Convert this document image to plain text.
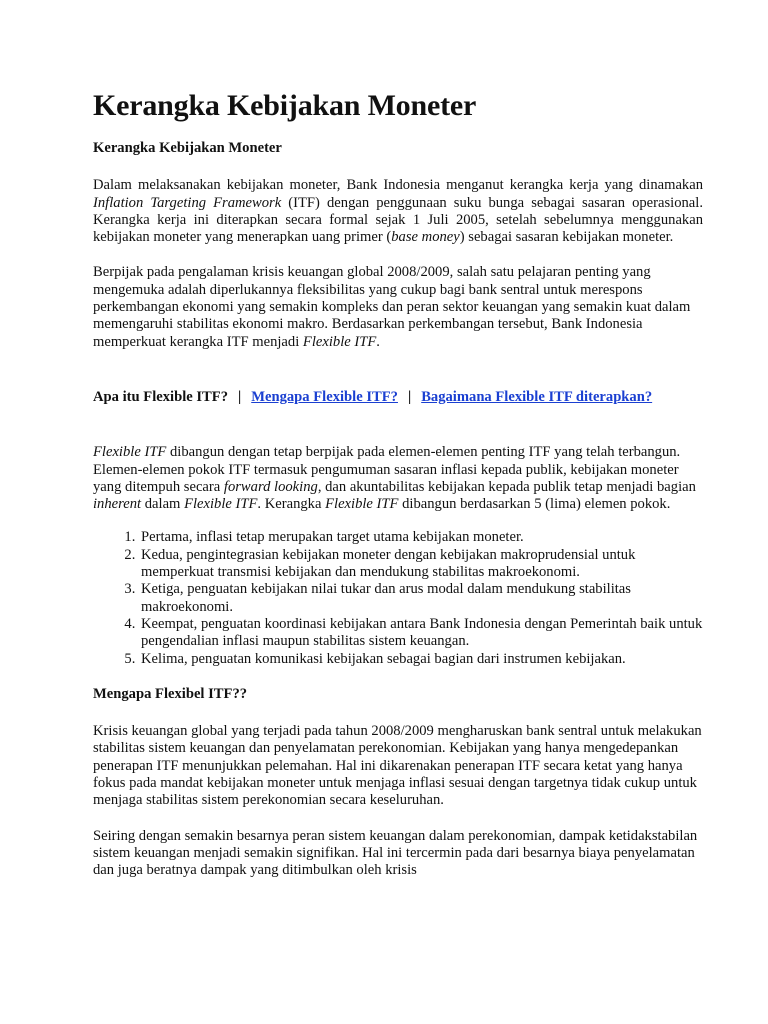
Kerangka Kebijakan Moneter

Kerangka Kebijakan Moneter

Dalam melaksanakan kebijakan moneter, Bank Indonesia menganut kerangka kerja yang dinamakan Inflation Targeting Framework (ITF) dengan penggunaan suku bunga sebagai sasaran operasional. Kerangka kerja ini diterapkan secara formal sejak 1 Juli 2005, setelah sebelumnya menggunakan kebijakan moneter yang menerapkan uang primer (base money) sebagai sasaran kebijakan moneter.

Berpijak pada pengalaman krisis keuangan global 2008/2009, salah satu pelajaran penting yang mengemuka adalah diperlukannya fleksibilitas yang cukup bagi bank sentral untuk merespons perkembangan ekonomi yang semakin kompleks dan peran sektor keuangan yang semakin kuat dalam memengaruhi stabilitas ekonomi makro. Berdasarkan perkembangan tersebut, Bank Indonesia memperkuat kerangka ITF menjadi Flexible ITF.

Apa itu Flexible ITF? | Mengapa Flexible ITF? | Bagaimana Flexible ITF diterapkan?

Flexible ITF dibangun dengan tetap berpijak pada elemen-elemen penting ITF yang telah terbangun. Elemen-elemen pokok ITF termasuk pengumuman sasaran inflasi kepada publik, kebijakan moneter yang ditempuh secara forward looking, dan akuntabilitas kebijakan kepada publik tetap menjadi bagian inherent dalam Flexible ITF. Kerangka Flexible ITF dibangun berdasarkan 5 (lima) elemen pokok.

1. Pertama, inflasi tetap merupakan target utama kebijakan moneter.
2. Kedua, pengintegrasian kebijakan moneter dengan kebijakan makroprudensial untuk memperkuat transmisi kebijakan dan mendukung stabilitas makroekonomi.
3. Ketiga, penguatan kebijakan nilai tukar dan arus modal dalam mendukung stabilitas makroekonomi.
4. Keempat, penguatan koordinasi kebijakan antara Bank Indonesia dengan Pemerintah baik untuk pengendalian inflasi maupun stabilitas sistem keuangan.
5. Kelima, penguatan komunikasi kebijakan sebagai bagian dari instrumen kebijakan.

Mengapa Flexibel ITF??

Krisis keuangan global yang terjadi pada tahun 2008/2009 mengharuskan bank sentral untuk melakukan stabilitas sistem keuangan dan penyelamatan perekonomian. Kebijakan yang hanya mengedepankan penerapan ITF menunjukkan pelemahan. Hal ini dikarenakan penerapan ITF secara ketat yang hanya fokus pada mandat kebijakan moneter untuk menjaga inflasi sesuai dengan targetnya tidak cukup untuk menjaga stabilitas sistem perekonomian secara keseluruhan.

Seiring dengan semakin besarnya peran sistem keuangan dalam perekonomian, dampak ketidakstabilan sistem keuangan menjadi semakin signifikan. Hal ini tercermin pada dari besarnya biaya penyelamatan dan juga beratnya dampak yang ditimbulkan oleh krisis
